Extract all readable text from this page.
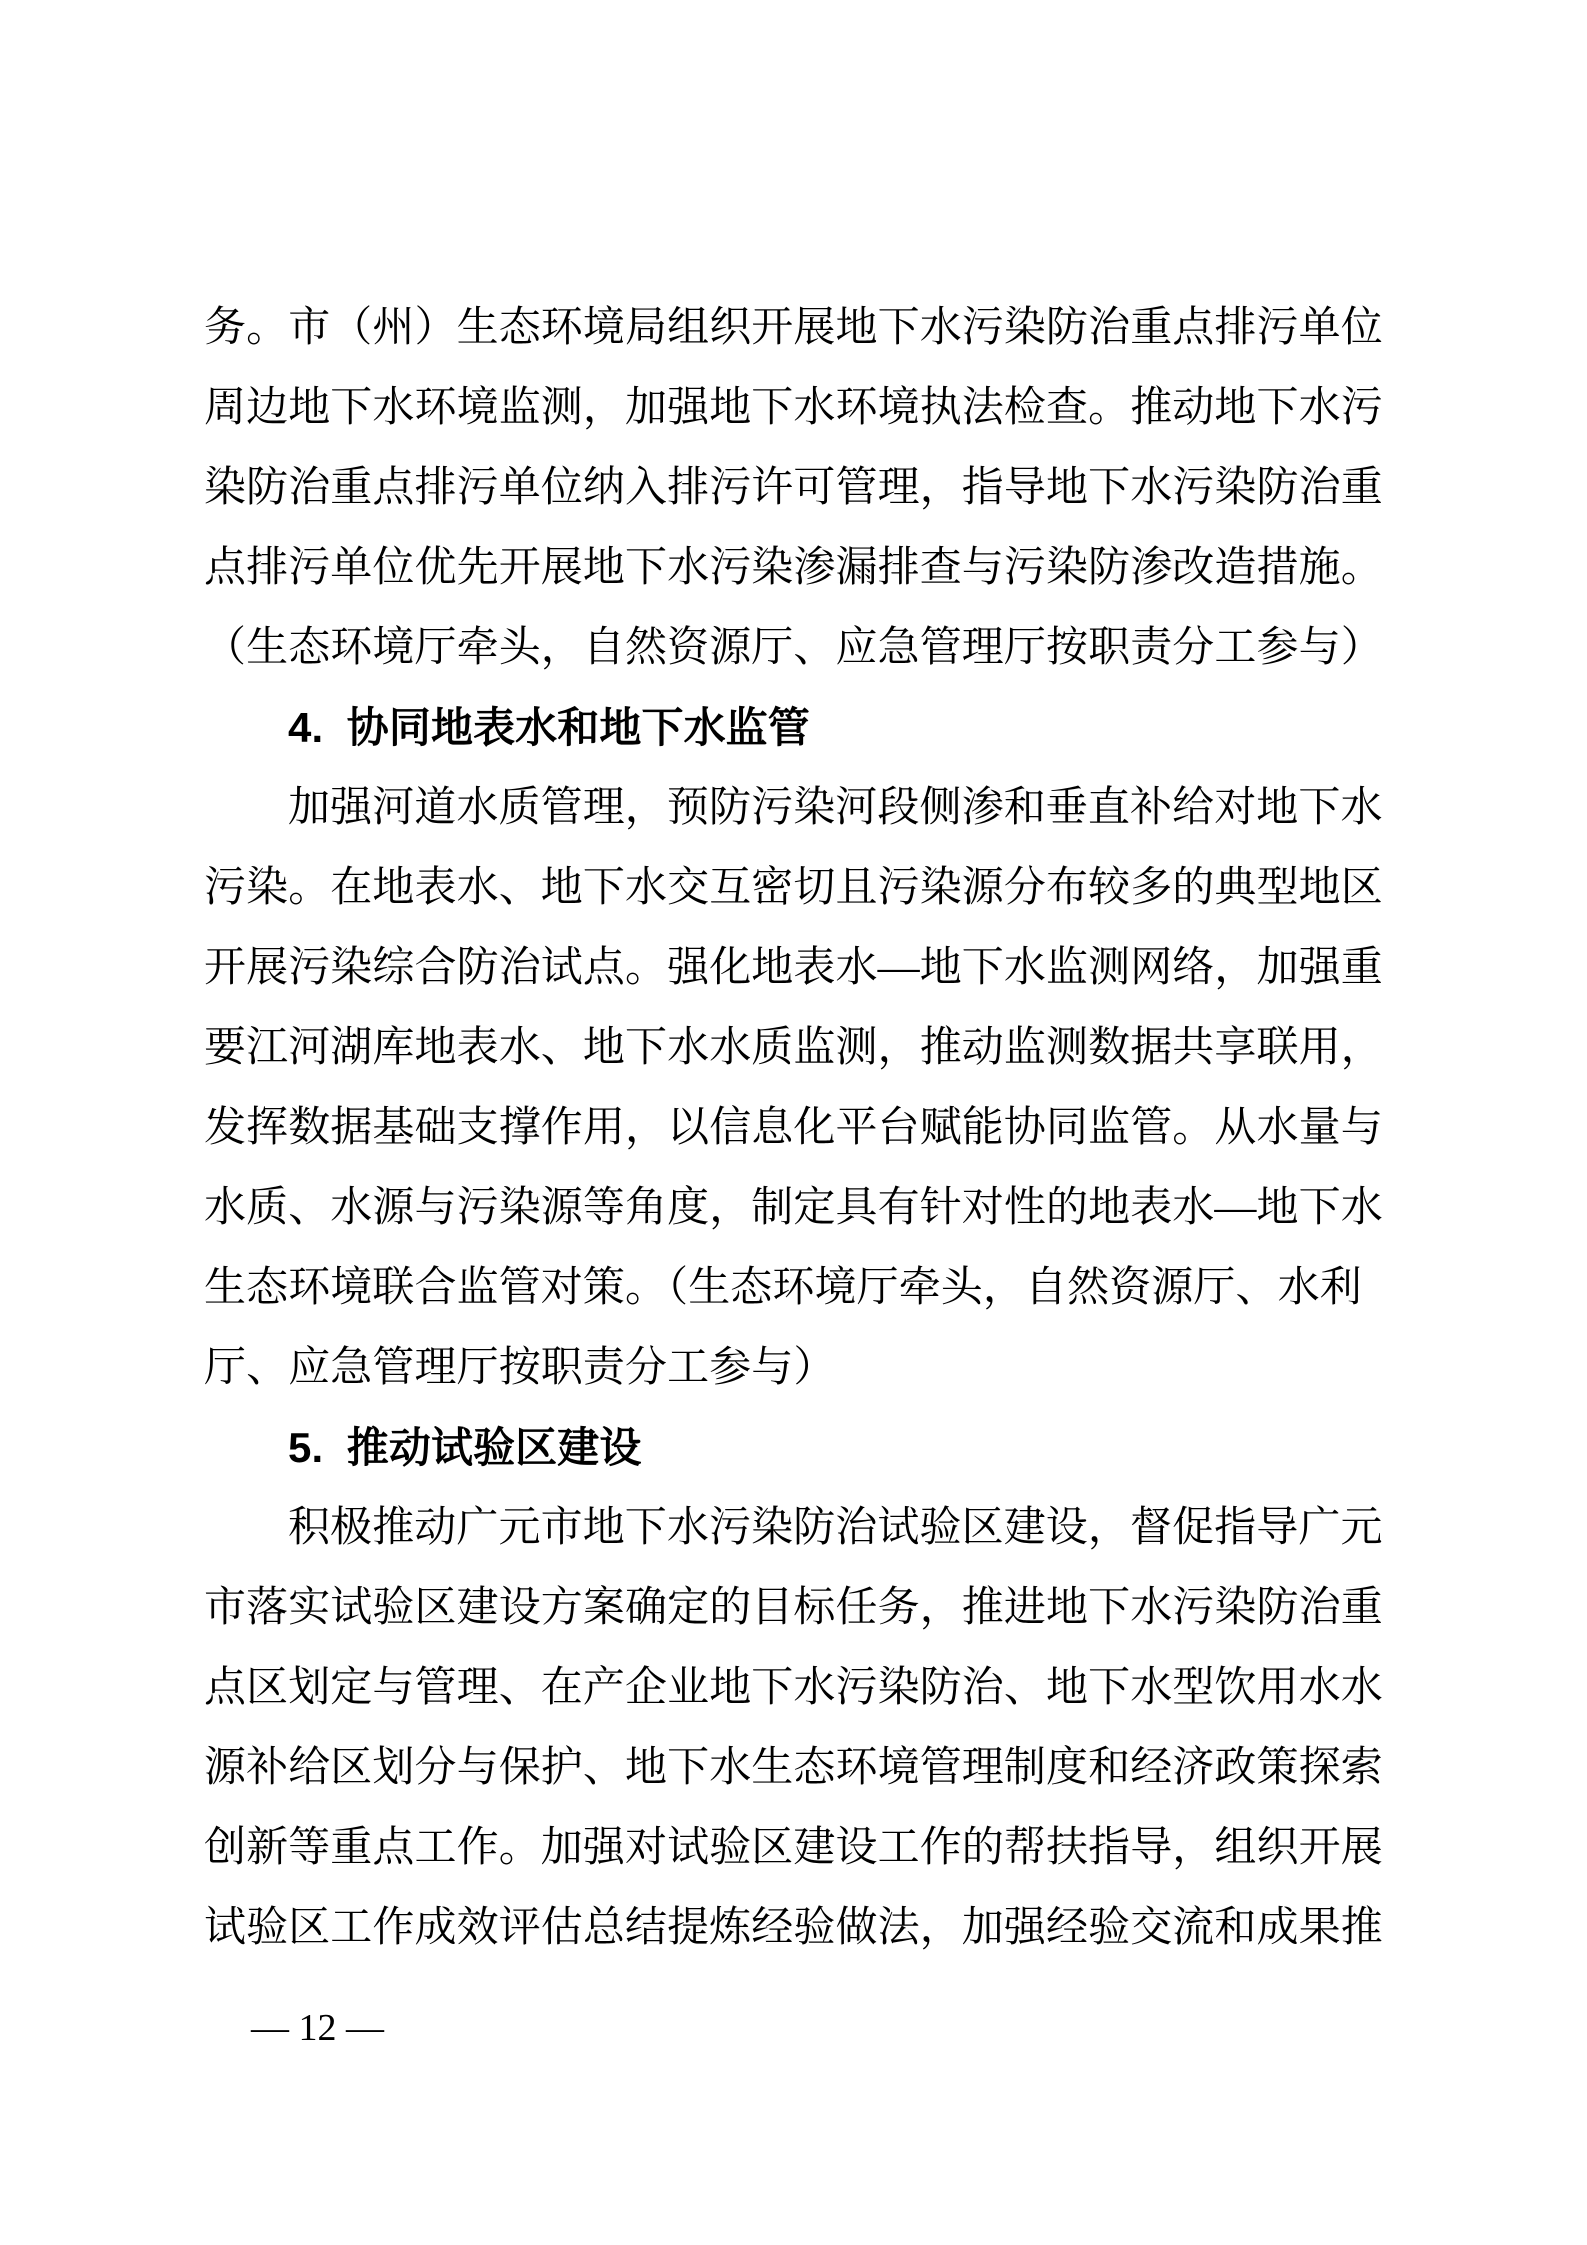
务。市（州）生态环境局组织开展地下水污染防治重点排污单位

周边地下水环境监测，加强地下水环境执法检查。推动地下水污

染防治重点排污单位纳入排污许可管理，指导地下水污染防治重

点排污单位优先开展地下水污染渗漏排查与污染防渗改造措施。

（生态环境厅牵头，自然资源厅、应急管理厅按职责分工参与）

4.  协同地表水和地下水监管

加强河道水质管理，预防污染河段侧渗和垂直补给对地下水

污染。在地表水、地下水交互密切且污染源分布较多的典型地区

开展污染综合防治试点。强化地表水—地下水监测网络，加强重

要江河湖库地表水、地下水水质监测，推动监测数据共享联用，

发挥数据基础支撑作用，以信息化平台赋能协同监管。从水量与

水质、水源与污染源等角度，制定具有针对性的地表水—地下水

生态环境联合监管对策。（生态环境厅牵头，自然资源厅、水利

厅、应急管理厅按职责分工参与）

5.  推动试验区建设

积极推动广元市地下水污染防治试验区建设，督促指导广元

市落实试验区建设方案确定的目标任务，推进地下水污染防治重

点区划定与管理、在产企业地下水污染防治、地下水型饮用水水

源补给区划分与保护、地下水生态环境管理制度和经济政策探索

创新等重点工作。加强对试验区建设工作的帮扶指导，组织开展

试验区工作成效评估总结提炼经验做法，加强经验交流和成果推

— 12 —
